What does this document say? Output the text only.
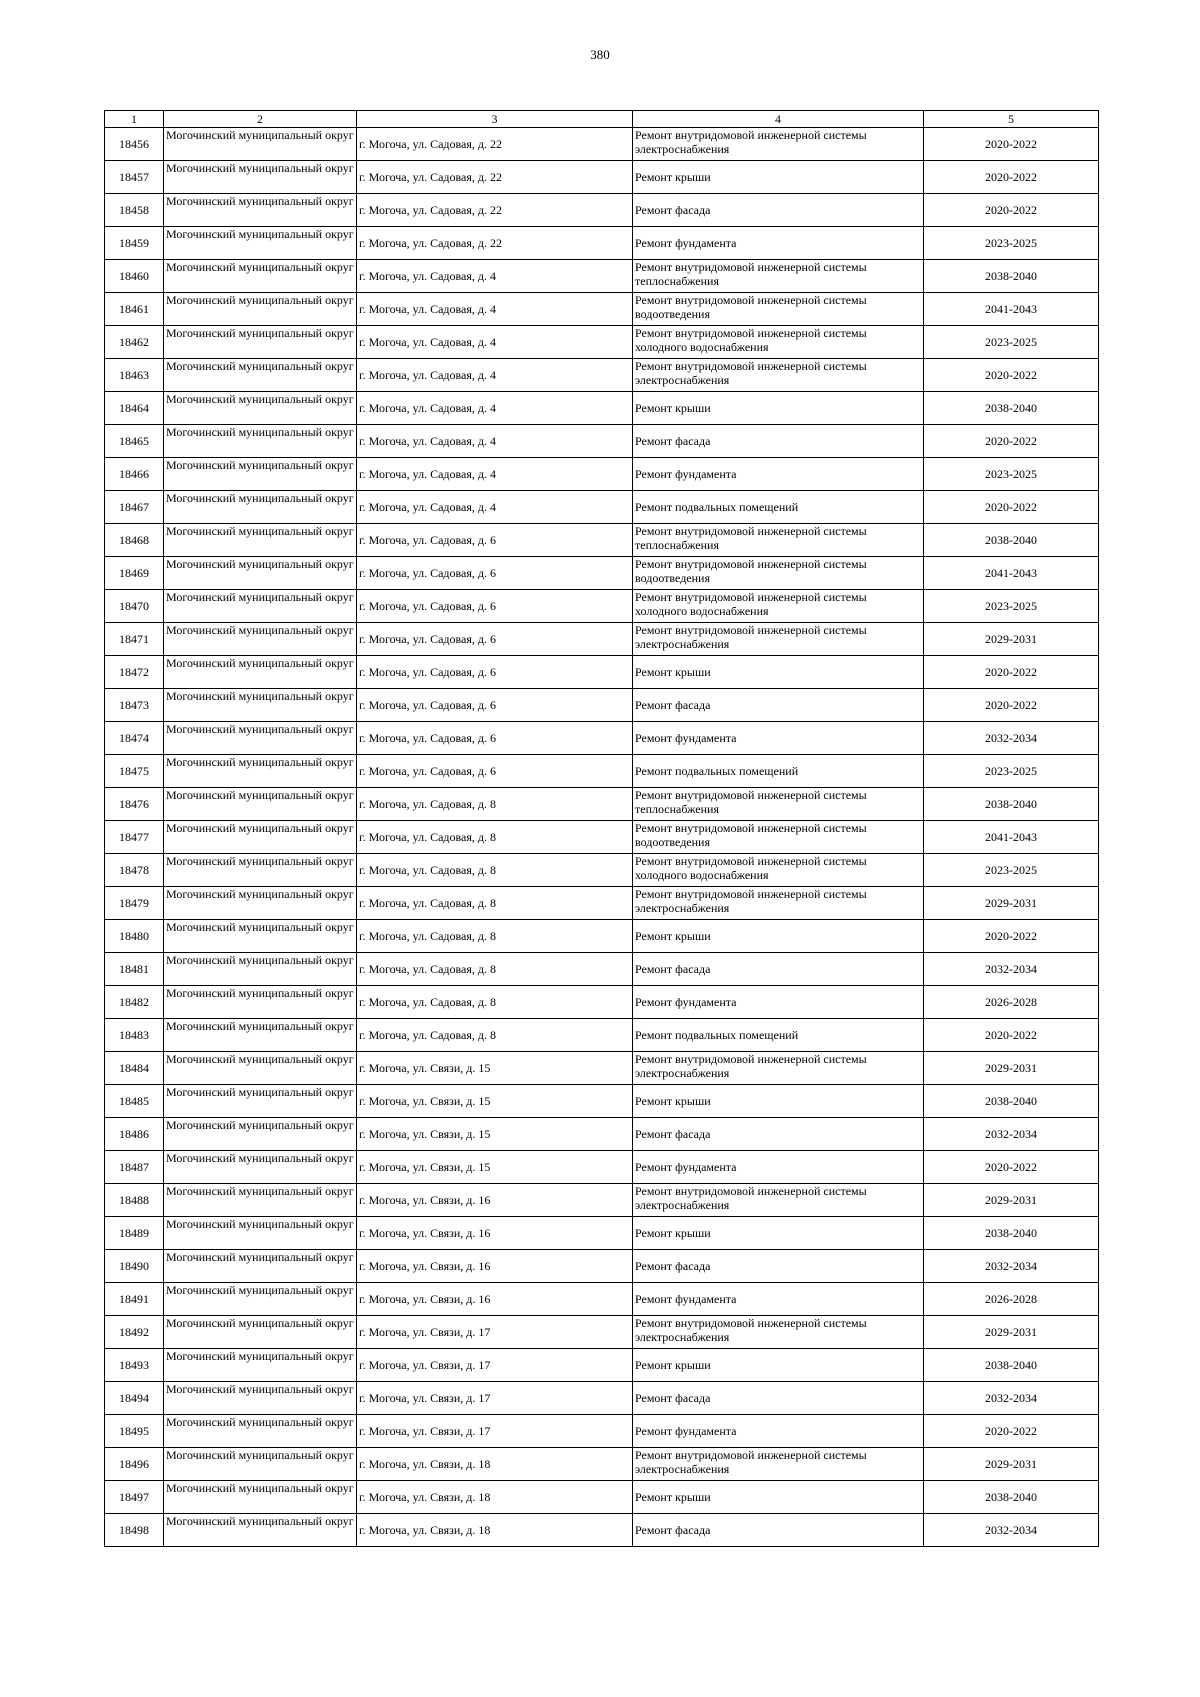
380
1	2	3	4	5
18456	Могочинский муниципальный округ	г. Могоча, ул. Садовая, д. 22	Ремонт внутридомовой инженерной системы электроснабжения	2020-2022
18457	Могочинский муниципальный округ	г. Могоча, ул. Садовая, д. 22	Ремонт крыши	2020-2022
18458	Могочинский муниципальный округ	г. Могоча, ул. Садовая, д. 22	Ремонт фасада	2020-2022
18459	Могочинский муниципальный округ	г. Могоча, ул. Садовая, д. 22	Ремонт фундамента	2023-2025
18460	Могочинский муниципальный округ	г. Могоча, ул. Садовая, д. 4	Ремонт внутридомовой инженерной системы теплоснабжения	2038-2040
18461	Могочинский муниципальный округ	г. Могоча, ул. Садовая, д. 4	Ремонт внутридомовой инженерной системы водоотведения	2041-2043
18462	Могочинский муниципальный округ	г. Могоча, ул. Садовая, д. 4	Ремонт внутридомовой инженерной системы холодного водоснабжения	2023-2025
18463	Могочинский муниципальный округ	г. Могоча, ул. Садовая, д. 4	Ремонт внутридомовой инженерной системы электроснабжения	2020-2022
18464	Могочинский муниципальный округ	г. Могоча, ул. Садовая, д. 4	Ремонт крыши	2038-2040
18465	Могочинский муниципальный округ	г. Могоча, ул. Садовая, д. 4	Ремонт фасада	2020-2022
18466	Могочинский муниципальный округ	г. Могоча, ул. Садовая, д. 4	Ремонт фундамента	2023-2025
18467	Могочинский муниципальный округ	г. Могоча, ул. Садовая, д. 4	Ремонт подвальных помещений	2020-2022
18468	Могочинский муниципальный округ	г. Могоча, ул. Садовая, д. 6	Ремонт внутридомовой инженерной системы теплоснабжения	2038-2040
18469	Могочинский муниципальный округ	г. Могоча, ул. Садовая, д. 6	Ремонт внутридомовой инженерной системы водоотведения	2041-2043
18470	Могочинский муниципальный округ	г. Могоча, ул. Садовая, д. 6	Ремонт внутридомовой инженерной системы холодного водоснабжения	2023-2025
18471	Могочинский муниципальный округ	г. Могоча, ул. Садовая, д. 6	Ремонт внутридомовой инженерной системы электроснабжения	2029-2031
18472	Могочинский муниципальный округ	г. Могоча, ул. Садовая, д. 6	Ремонт крыши	2020-2022
18473	Могочинский муниципальный округ	г. Могоча, ул. Садовая, д. 6	Ремонт фасада	2020-2022
18474	Могочинский муниципальный округ	г. Могоча, ул. Садовая, д. 6	Ремонт фундамента	2032-2034
18475	Могочинский муниципальный округ	г. Могоча, ул. Садовая, д. 6	Ремонт подвальных помещений	2023-2025
18476	Могочинский муниципальный округ	г. Могоча, ул. Садовая, д. 8	Ремонт внутридомовой инженерной системы теплоснабжения	2038-2040
18477	Могочинский муниципальный округ	г. Могоча, ул. Садовая, д. 8	Ремонт внутридомовой инженерной системы водоотведения	2041-2043
18478	Могочинский муниципальный округ	г. Могоча, ул. Садовая, д. 8	Ремонт внутридомовой инженерной системы холодного водоснабжения	2023-2025
18479	Могочинский муниципальный округ	г. Могоча, ул. Садовая, д. 8	Ремонт внутридомовой инженерной системы электроснабжения	2029-2031
18480	Могочинский муниципальный округ	г. Могоча, ул. Садовая, д. 8	Ремонт крыши	2020-2022
18481	Могочинский муниципальный округ	г. Могоча, ул. Садовая, д. 8	Ремонт фасада	2032-2034
18482	Могочинский муниципальный округ	г. Могоча, ул. Садовая, д. 8	Ремонт фундамента	2026-2028
18483	Могочинский муниципальный округ	г. Могоча, ул. Садовая, д. 8	Ремонт подвальных помещений	2020-2022
18484	Могочинский муниципальный округ	г. Могоча, ул. Связи, д. 15	Ремонт внутридомовой инженерной системы электроснабжения	2029-2031
18485	Могочинский муниципальный округ	г. Могоча, ул. Связи, д. 15	Ремонт крыши	2038-2040
18486	Могочинский муниципальный округ	г. Могоча, ул. Связи, д. 15	Ремонт фасада	2032-2034
18487	Могочинский муниципальный округ	г. Могоча, ул. Связи, д. 15	Ремонт фундамента	2020-2022
18488	Могочинский муниципальный округ	г. Могоча, ул. Связи, д. 16	Ремонт внутридомовой инженерной системы электроснабжения	2029-2031
18489	Могочинский муниципальный округ	г. Могоча, ул. Связи, д. 16	Ремонт крыши	2038-2040
18490	Могочинский муниципальный округ	г. Могоча, ул. Связи, д. 16	Ремонт фасада	2032-2034
18491	Могочинский муниципальный округ	г. Могоча, ул. Связи, д. 16	Ремонт фундамента	2026-2028
18492	Могочинский муниципальный округ	г. Могоча, ул. Связи, д. 17	Ремонт внутридомовой инженерной системы электроснабжения	2029-2031
18493	Могочинский муниципальный округ	г. Могоча, ул. Связи, д. 17	Ремонт крыши	2038-2040
18494	Могочинский муниципальный округ	г. Могоча, ул. Связи, д. 17	Ремонт фасада	2032-2034
18495	Могочинский муниципальный округ	г. Могоча, ул. Связи, д. 17	Ремонт фундамента	2020-2022
18496	Могочинский муниципальный округ	г. Могоча, ул. Связи, д. 18	Ремонт внутридомовой инженерной системы электроснабжения	2029-2031
18497	Могочинский муниципальный округ	г. Могоча, ул. Связи, д. 18	Ремонт крыши	2038-2040
18498	Могочинский муниципальный округ	г. Могоча, ул. Связи, д. 18	Ремонт фасада	2032-2034
